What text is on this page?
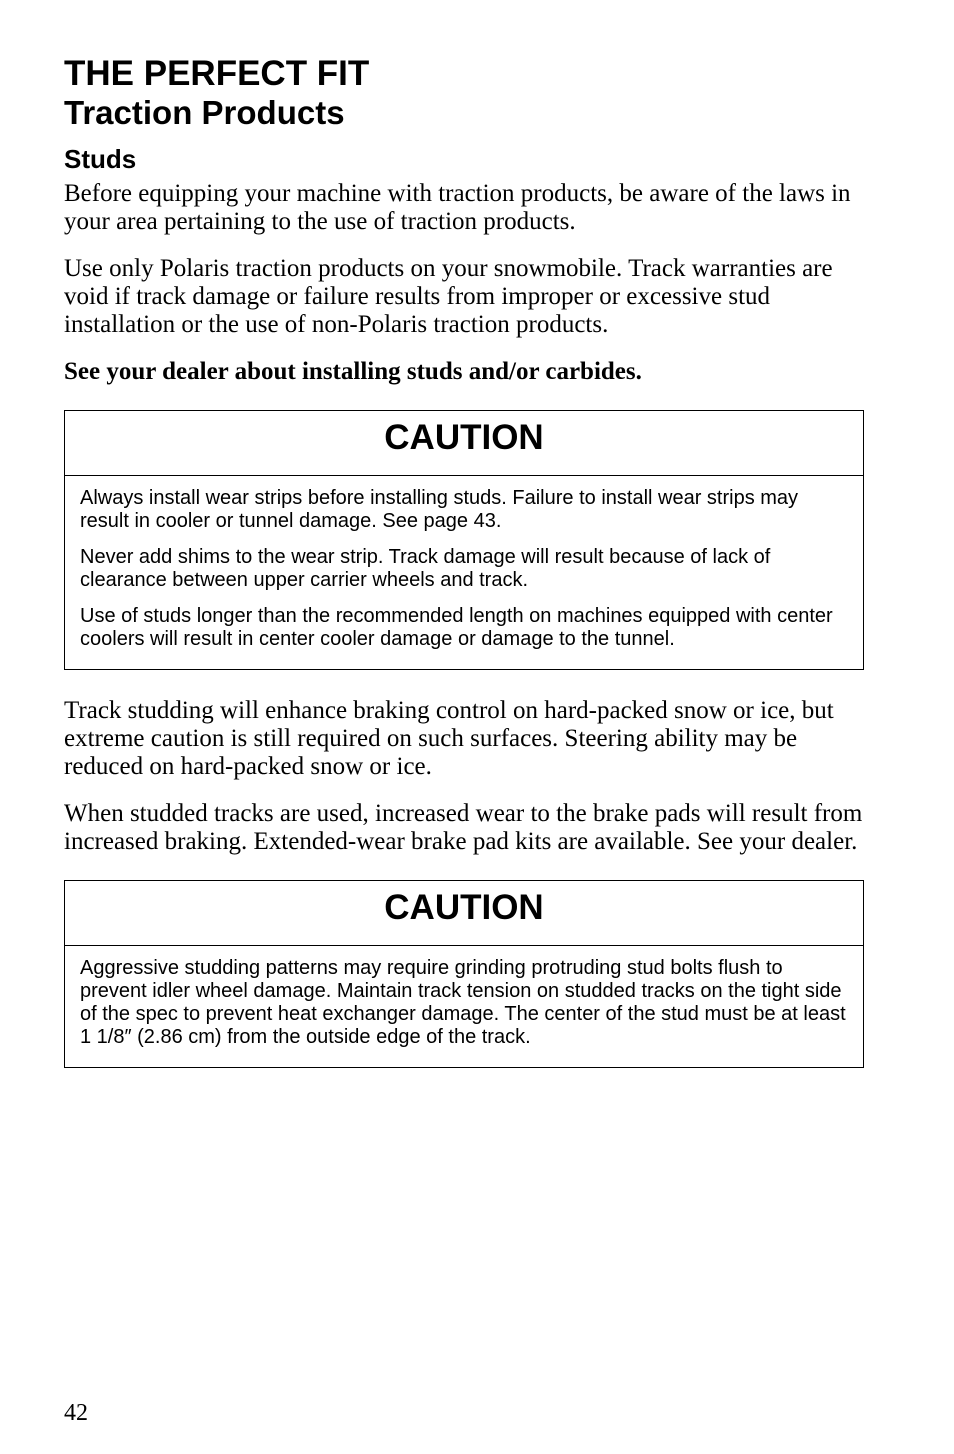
THE PERFECT FIT
Traction Products
Studs

Before equipping your machine with traction products, be aware of the laws in your area pertaining to the use of traction products.

Use only Polaris traction products on your snowmobile. Track warranties are void if track damage or failure results from improper or excessive stud installation or the use of non-Polaris traction products.

See your dealer about installing studs and/or carbides.

CAUTION

Always install wear strips before installing studs. Failure to install wear strips may result in cooler or tunnel damage. See page 43.

Never add shims to the wear strip. Track damage will result because of lack of clearance between upper carrier wheels and track.

Use of studs longer than the recommended length on machines equipped with center coolers will result in center cooler damage or damage to the tunnel.

Track studding will enhance braking control on hard-packed snow or ice, but extreme caution is still required on such surfaces. Steering ability may be reduced on hard-packed snow or ice.

When studded tracks are used, increased wear to the brake pads will result from increased braking. Extended-wear brake pad kits are available. See your dealer.

CAUTION

Aggressive studding patterns may require grinding protruding stud bolts flush to prevent idler wheel damage. Maintain track tension on studded tracks on the tight side of the spec to prevent heat exchanger damage. The center of the stud must be at least 1 1/8″ (2.86 cm) from the outside edge of the track.

42
